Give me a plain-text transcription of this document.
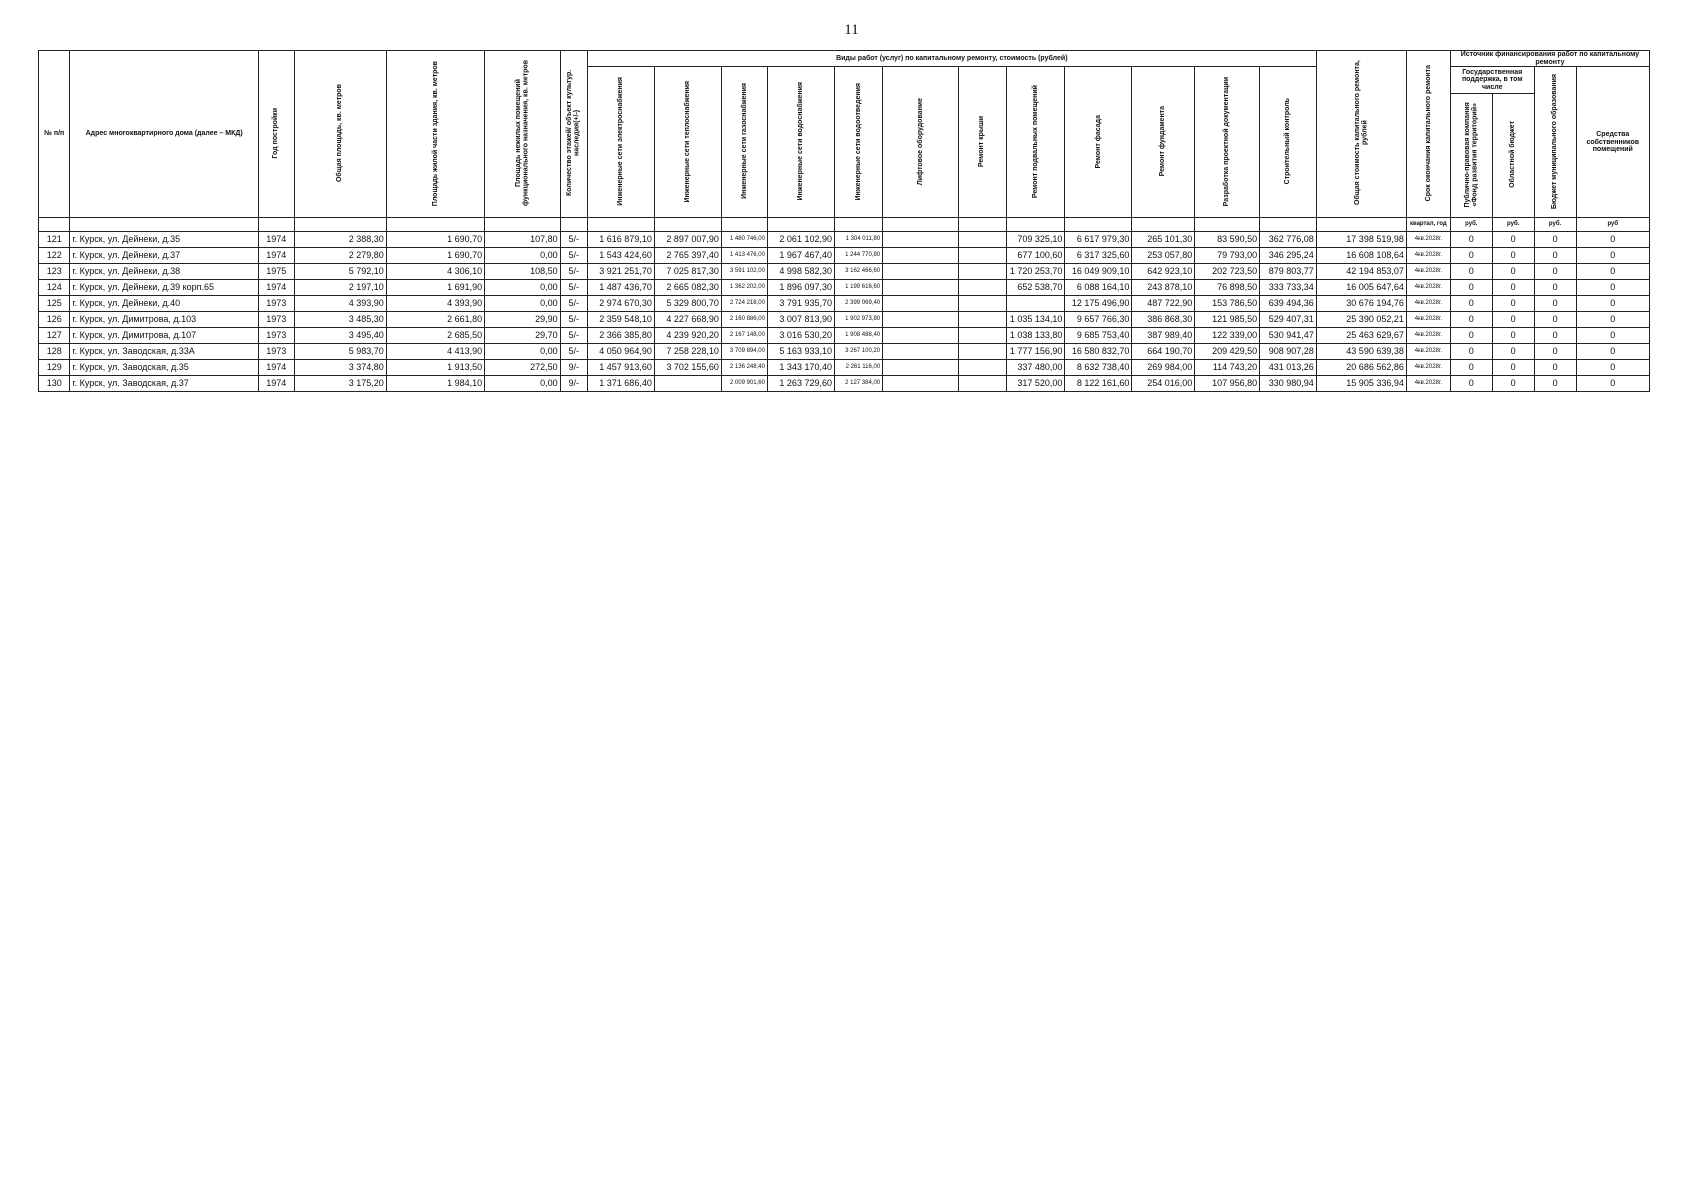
11
№ п/п	Адрес многоквартирного дома (далее – МКД)	Год постройки	Общая площадь, кв. метров	Площадь жилой части здания, кв. метров	Площадь нежилых помещений функционального назначения, кв. метров	Количество этажей/ объект культур. наследия(+/-)	Виды работ (услуг) по капитальному ремонту, стоимость (рублей)												Общая стоимость капитального ремонта, рублей	Срок окончания капитального ремонта	Источник финансирования работ по капитальному ремонту			
							Инженерные сети электроснабжения	Инженерные сети теплоснабжения	Инженерные сети газоснабжения	Инженерные сети водоснабжения	Инженерные сети водоотведения	Лифтовое оборудование	Ремонт крыши	Ремонт подвальных помещений	Ремонт фасада	Ремонт фундамента	Разработка проектной документации	Строительный контроль			Государственная поддержка, в том числе		Бюджет муниципального образования	Средства собственников помещений
																					Публично-правовая компания «Фонд развития территорий»	Областной бюджет		
																				квартал, год	руб.	руб.	руб.	руб
121	г. Курск, ул. Дейнеки, д.35	1974	2 388,30	1 690,70	107,80	5/-	1 616 879,10	2 897 007,90	1 480 746,00	2 061 102,90	1 304 011,80			709 325,10	6 617 979,30	265 101,30	83 590,50	362 776,08	17 398 519,98	4кв.2028г.	0	0	0	0
122	г. Курск, ул. Дейнеки, д.37	1974	2 279,80	1 690,70	0,00	5/-	1 543 424,60	2 765 397,40	1 413 476,00	1 967 467,40	1 244 770,80			677 100,60	6 317 325,60	253 057,80	79 793,00	346 295,24	16 608 108,64	4кв.2028г.	0	0	0	0
123	г. Курск, ул. Дейнеки, д.38	1975	5 792,10	4 306,10	108,50	5/-	3 921 251,70	7 025 817,30	3 591 102,00	4 998 582,30	3 162 466,60			1 720 253,70	16 049 909,10	642 923,10	202 723,50	879 803,77	42 194 853,07	4кв.2028г.	0	0	0	0
124	г. Курск, ул. Дейнеки, д.39 корп.65	1974	2 197,10	1 691,90	0,00	5/-	1 487 436,70	2 665 082,30	1 362 202,00	1 896 097,30	1 199 616,60			652 538,70	6 088 164,10	243 878,10	76 898,50	333 733,34	16 005 647,64	4кв.2028г.	0	0	0	0
125	г. Курск, ул. Дейнеки, д.40	1973	4 393,90	4 393,90	0,00	5/-	2 974 670,30	5 329 800,70	2 724 218,00	3 791 935,70	2 399 069,40				12 175 496,90	487 722,90	153 786,50	639 494,36	30 676 194,76	4кв.2028г.	0	0	0	0
126	г. Курск, ул. Димитрова, д.103	1973	3 485,30	2 661,80	29,90	5/-	2 359 548,10	4 227 668,90	2 160 886,00	3 007 813,90	1 902 973,80			1 035 134,10	9 657 766,30	386 868,30	121 985,50	529 407,31	25 390 052,21	4кв.2028г.	0	0	0	0
127	г. Курск, ул. Димитрова, д.107	1973	3 495,40	2 685,50	29,70	5/-	2 366 385,80	4 239 920,20	2 167 148,00	3 016 530,20	1 908 488,40			1 038 133,80	9 685 753,40	387 989,40	122 339,00	530 941,47	25 463 629,67	4кв.2028г.	0	0	0	0
128	г. Курск, ул. Заводская, д.33А	1973	5 983,70	4 413,90	0,00	5/-	4 050 964,90	7 258 228,10	3 709 894,00	5 163 933,10	3 267 100,20			1 777 156,90	16 580 832,70	664 190,70	209 429,50	908 907,28	43 590 639,38	4кв.2028г.	0	0	0	0
129	г. Курск, ул. Заводская, д.35	1974	3 374,80	1 913,50	272,50	9/-	1 457 913,60	3 702 155,60	2 136 248,40	1 343 170,40	2 261 116,00			337 480,00	8 632 738,40	269 984,00	114 743,20	431 013,26	20 686 562,86	4кв.2028г.	0	0	0	0
130	г. Курск, ул. Заводская, д.37	1974	3 175,20	1 984,10	0,00	9/-	1 371 686,40		2 009 901,60	1 263 729,60	2 127 384,00			317 520,00	8 122 161,60	254 016,00	107 956,80	330 980,94	15 905 336,94	4кв.2028г.	0	0	0	0
